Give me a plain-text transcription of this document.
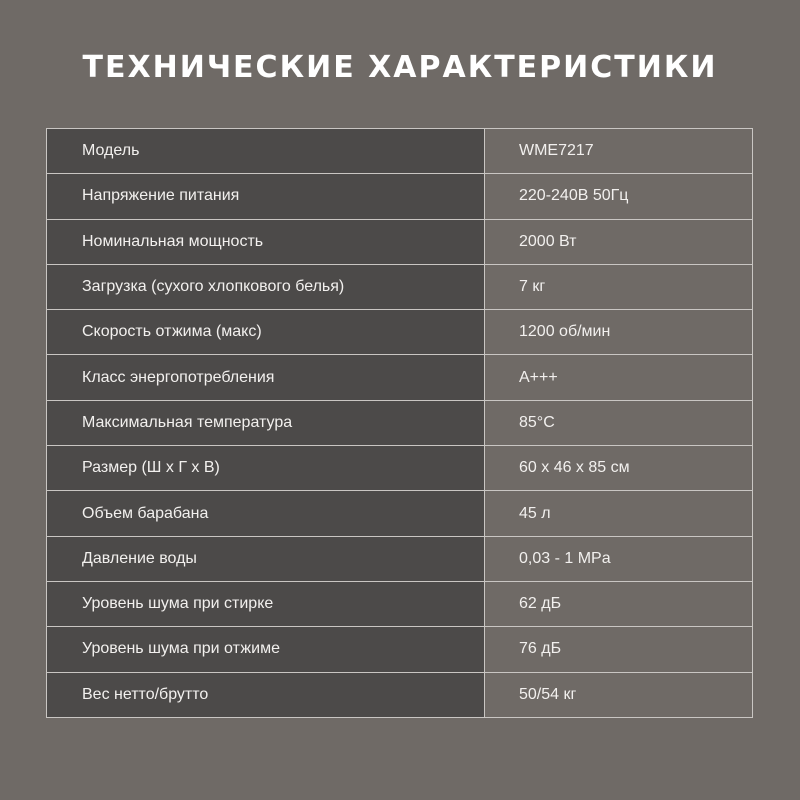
ТЕХНИЧЕСКИЕ ХАРАКТЕРИСТИКИ
Модель	WME7217
Напряжение питания	220-240В 50Гц
Номинальная мощность	2000 Вт
Загрузка (сухого хлопкового белья)	7 кг
Скорость отжима (макс)	1200 об/мин
Класс энергопотребления	A+++
Максимальная температура	85°C
Размер (Ш х Г х В)	60 х 46 х 85 см
Объем барабана	45 л
Давление воды	0,03 - 1 MPa
Уровень шума при стирке	62 дБ
Уровень шума при отжиме	76 дБ
Вес нетто/брутто	50/54 кг
